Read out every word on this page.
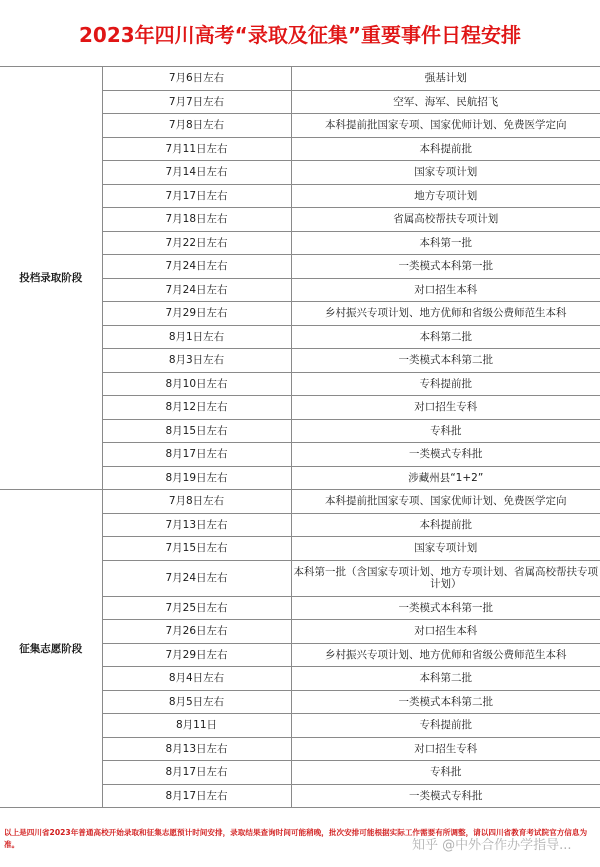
2023年四川高考“录取及征集”重要事件日程安排
投档录取阶段	7月6日左右	强基计划
	7月7日左右	空军、海军、民航招飞
	7月8日左右	本科提前批国家专项、国家优师计划、免费医学定向
	7月11日左右	本科提前批
	7月14日左右	国家专项计划
	7月17日左右	地方专项计划
	7月18日左右	省属高校帮扶专项计划
	7月22日左右	本科第一批
	7月24日左右	一类模式本科第一批
	7月24日左右	对口招生本科
	7月29日左右	乡村振兴专项计划、地方优师和省级公费师范生本科
	8月1日左右	本科第二批
	8月3日左右	一类模式本科第二批
	8月10日左右	专科提前批
	8月12日左右	对口招生专科
	8月15日左右	专科批
	8月17日左右	一类模式专科批
	8月19日左右	涉藏州县“1+2”
征集志愿阶段	7月8日左右	本科提前批国家专项、国家优师计划、免费医学定向
	7月13日左右	本科提前批
	7月15日左右	国家专项计划
	7月24日左右	本科第一批（含国家专项计划、地方专项计划、省属高校帮扶专项计划）
	7月25日左右	一类模式本科第一批
	7月26日左右	对口招生本科
	7月29日左右	乡村振兴专项计划、地方优师和省级公费师范生本科
	8月4日左右	本科第二批
	8月5日左右	一类模式本科第二批
	8月11日	专科提前批
	8月13日左右	对口招生专科
	8月17日左右	专科批
	8月17日左右	一类模式专科批
以上是四川省2023年普通高校开始录取和征集志愿预计时间安排，录取结果查询时间可能稍晚，批次安排可能根据实际工作需要有所调整，请以四川省教育考试院官方信息为准。	知乎 @中外合作办学指导...
